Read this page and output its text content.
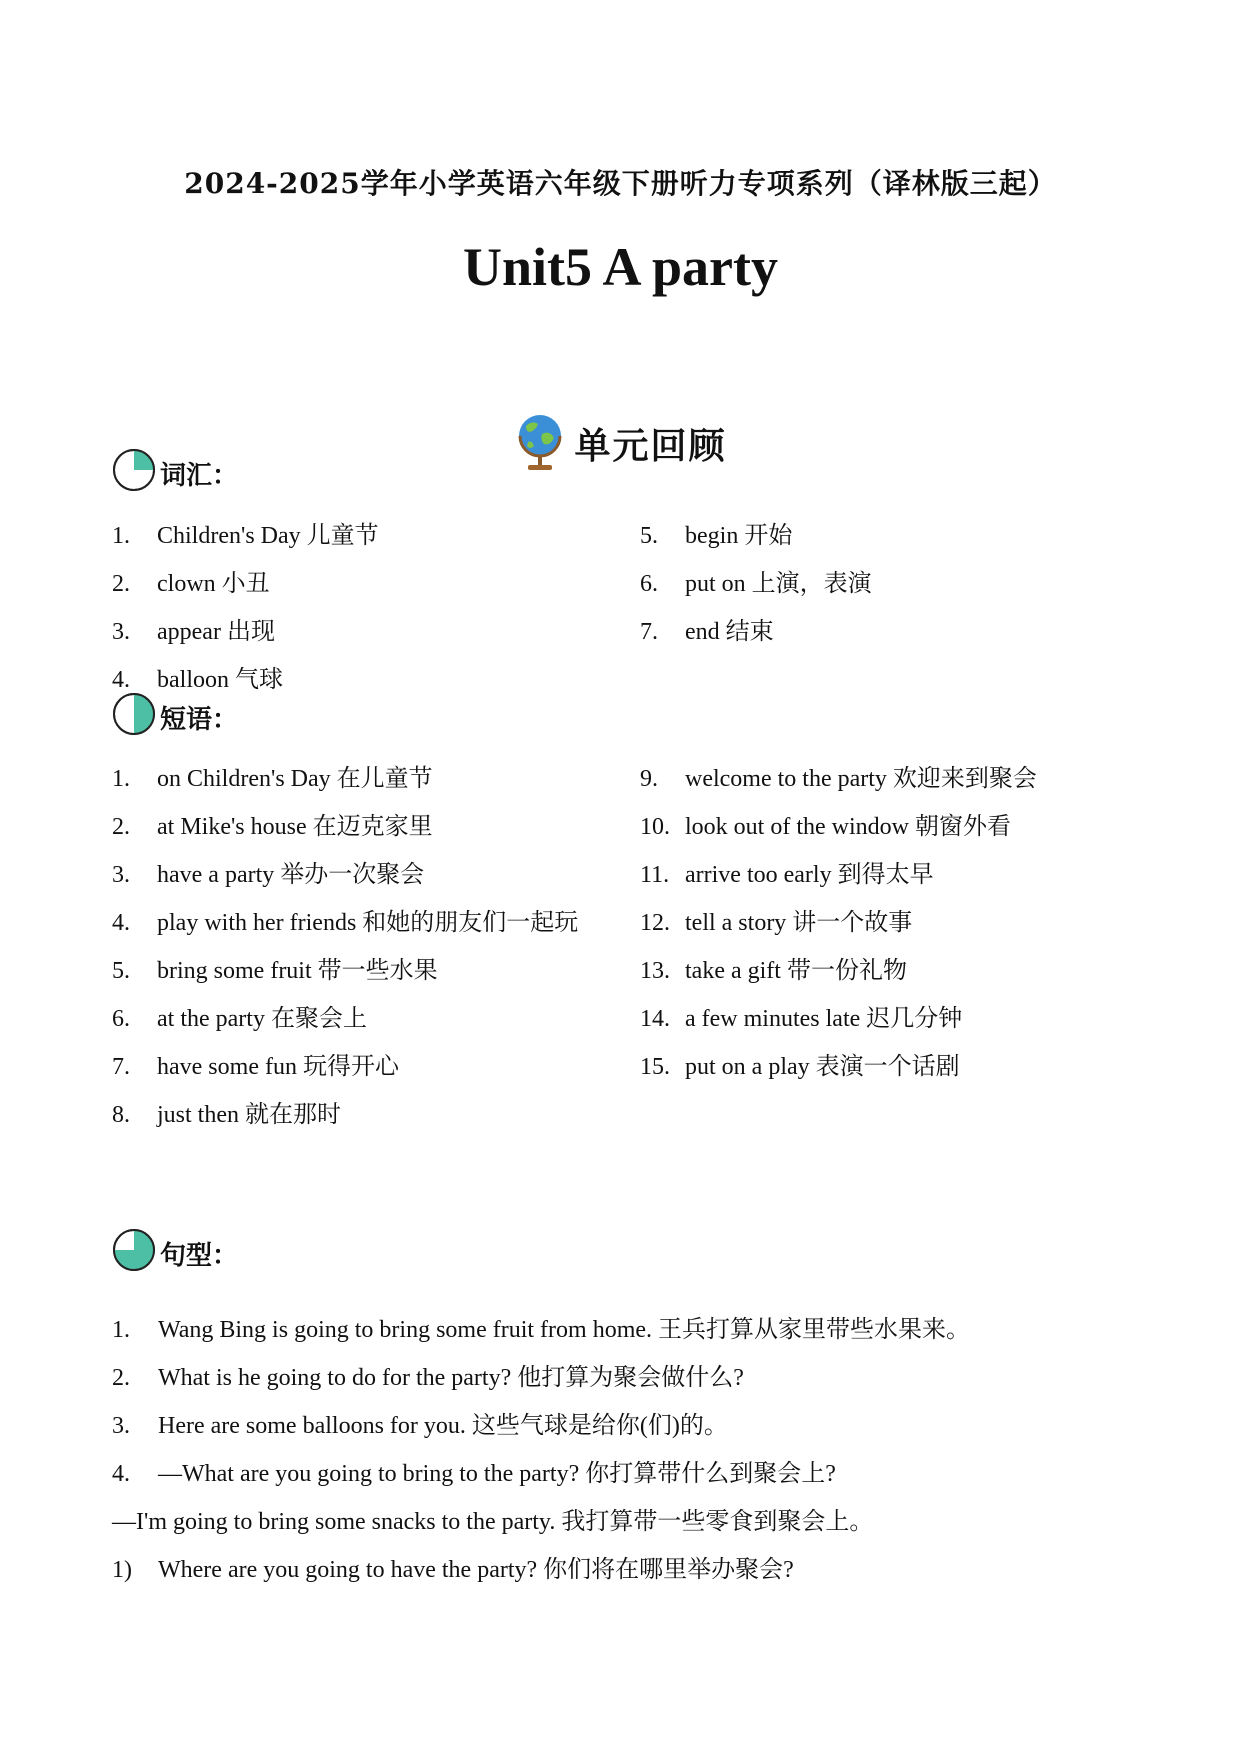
2024-2025学年小学英语六年级下册听力专项系列（译林版三起）
Unit5 A party
单元回顾
词汇：
1.	Children's Day 儿童节
2.	clown 小丑
3.	appear 出现
4.	balloon 气球
5.	begin 开始
6.	put on 上演，表演
7.	end 结束
短语：
1.	on Children's Day 在儿童节
2.	at Mike's house 在迈克家里
3.	have a party 举办一次聚会
4.	play with her friends 和她的朋友们一起玩
5.	bring some fruit 带一些水果
6.	at the party 在聚会上
7.	have some fun 玩得开心
8.	just then 就在那时
9.	welcome to the party 欢迎来到聚会
10. look out of the window 朝窗外看
11. arrive too early 到得太早
12. tell a story 讲一个故事
13. take a gift 带一份礼物
14. a few minutes late 迟几分钟
15. put on a play 表演一个话剧
句型：
1.	Wang Bing is going to bring some fruit from home. 王兵打算从家里带些水果来。
2.	What is he going to do for the party? 他打算为聚会做什么?
3.	Here are some balloons for you. 这些气球是给你(们)的。
4.	—What are you going to bring to the party? 你打算带什么到聚会上?
—I'm going to bring some snacks to the party. 我打算带一些零食到聚会上。
1)	Where are you going to have the party? 你们将在哪里举办聚会?
